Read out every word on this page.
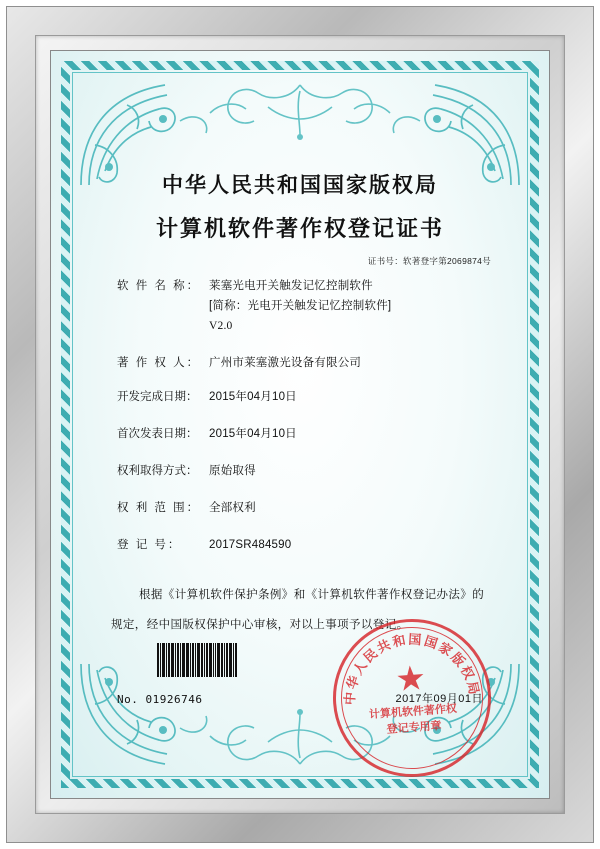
中华人民共和国国家版权局
计算机软件著作权登记证书
证书号：软著登字第2069874号
软 件 名 称： 莱塞光电开关触发记忆控制软件
[简称：光电开关触发记忆控制软件]
V2.0
著 作 权 人： 广州市莱塞激光设备有限公司
开发完成日期：	2015年04月10日
首次发表日期：	2015年04月10日
权利取得方式：	原始取得
权 利 范 围： 全部权利
登 记 号：	2017SR484590
根据《计算机软件保护条例》和《计算机软件著作权登记办法》的
规定，经中国版权保护中心审核，对以上事项予以登记。
中华人民共和国国家版权局
★
计算机软件著作权
登记专用章
No. 01926746	2017年09月01日
